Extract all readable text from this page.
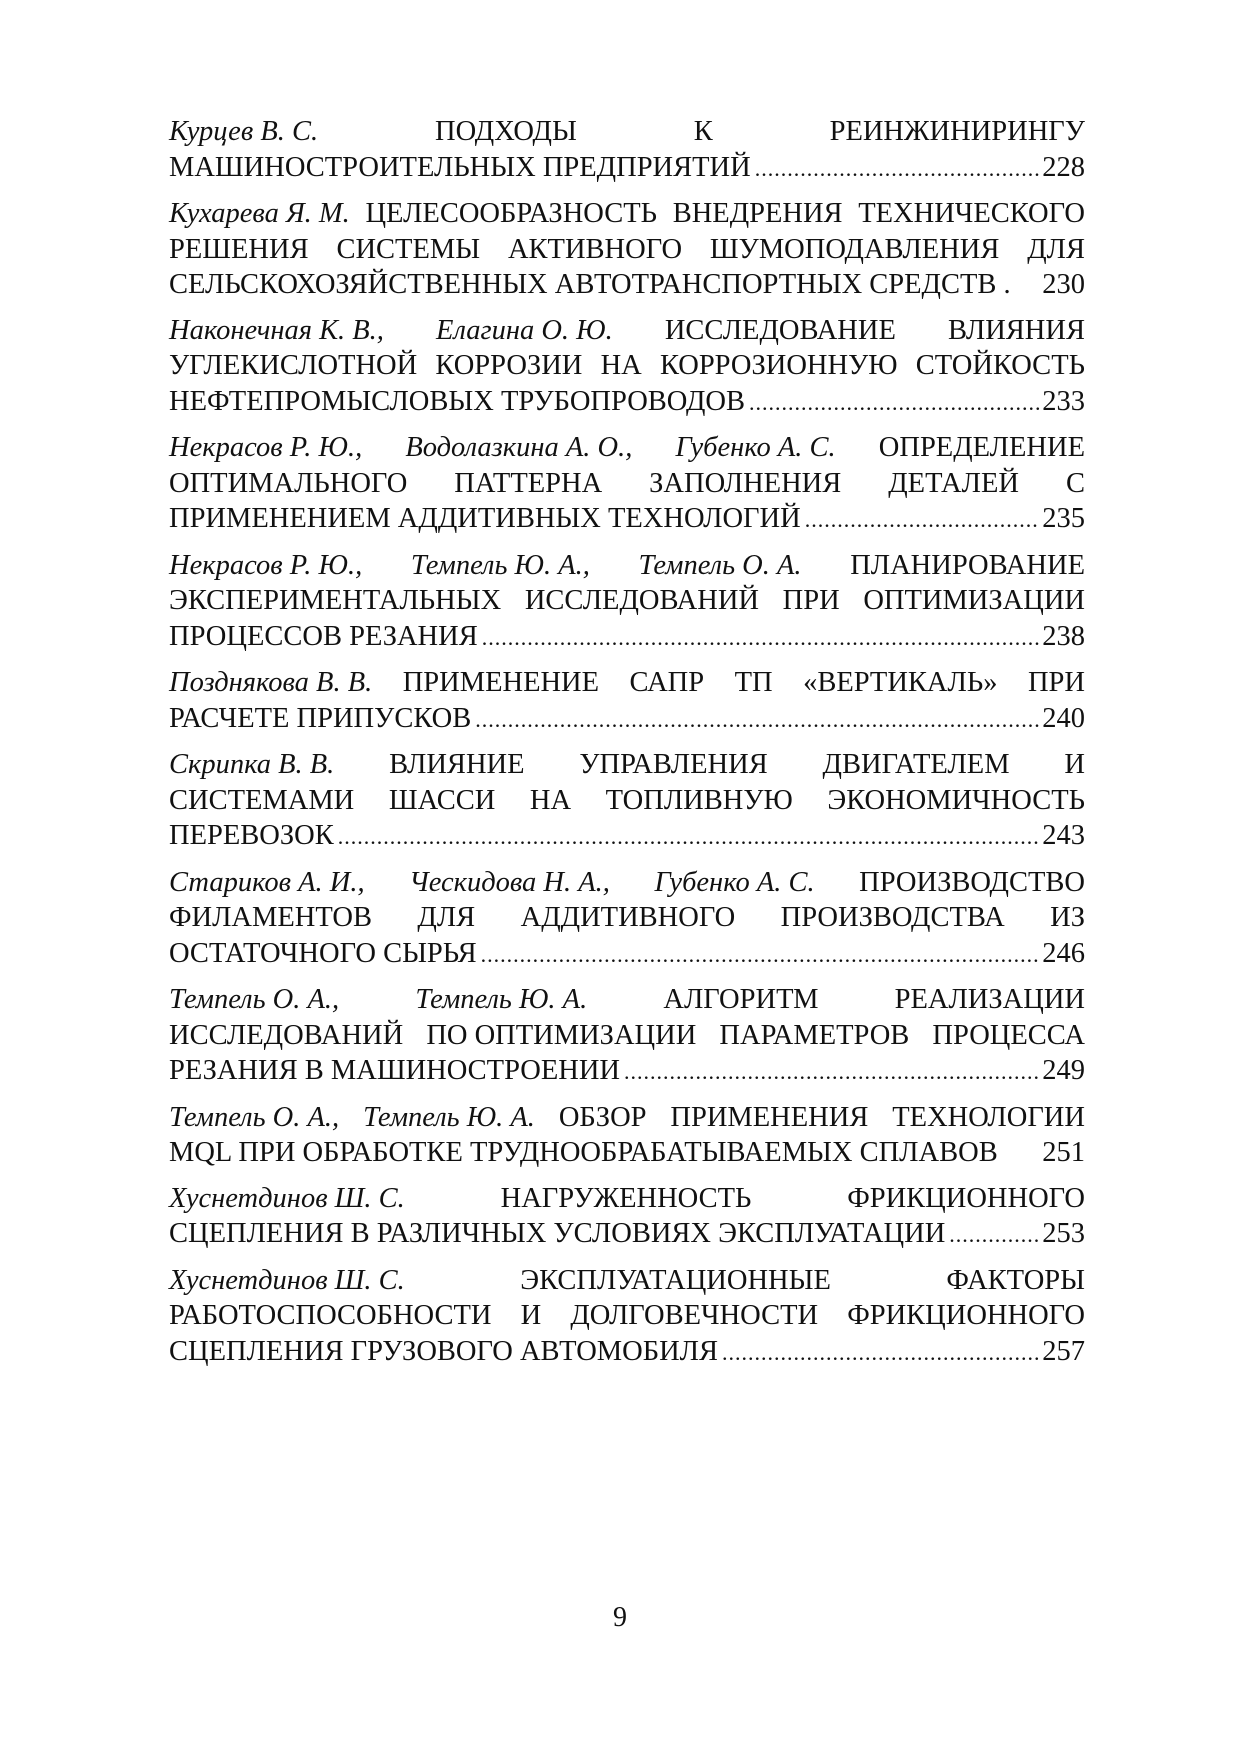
Курцев В. С.	ПОДХОДЫ	К	РЕИНЖИНИРИНГУ
МАШИНОСТРОИТЕЛЬНЫХ ПРЕДПРИЯТИЙ .....	228
Кухарева Я. М. ЦЕЛЕСООБРАЗНОСТЬ ВНЕДРЕНИЯ ТЕХНИЧЕСКОГО
РЕШЕНИЯ СИСТЕМЫ АКТИВНОГО ШУМОПОДАВЛЕНИЯ ДЛЯ
СЕЛЬСКОХОЗЯЙСТВЕННЫХ АВТОТРАНСПОРТНЫХ СРЕДСТВ . 230
Наконечная К. В., Елагина О. Ю. ИССЛЕДОВАНИЕ ВЛИЯНИЯ
УГЛЕКИСЛОТНОЙ КОРРОЗИИ НА КОРРОЗИОННУЮ СТОЙКОСТЬ
НЕФТЕПРОМЫСЛОВЫХ ТРУБОПРОВОДОВ .....	233
Некрасов Р. Ю., Водолазкина А. О., Губенко А. С. ОПРЕДЕЛЕНИЕ
ОПТИМАЛЬНОГО ПАТТЕРНА ЗАПОЛНЕНИЯ ДЕТАЛЕЙ С
ПРИМЕНЕНИЕМ АДДИТИВНЫХ ТЕХНОЛОГИЙ .....	235
Некрасов Р. Ю., Темпель Ю. А., Темпель О. А. ПЛАНИРОВАНИЕ
ЭКСПЕРИМЕНТАЛЬНЫХ ИССЛЕДОВАНИЙ ПРИ ОПТИМИЗАЦИИ
ПРОЦЕССОВ РЕЗАНИЯ .....	238
Позднякова В. В. ПРИМЕНЕНИЕ САПР ТП «ВЕРТИКАЛЬ» ПРИ
РАСЧЕТЕ ПРИПУСКОВ .....	240
Скрипка В. В. ВЛИЯНИЕ УПРАВЛЕНИЯ ДВИГАТЕЛЕМ И
СИСТЕМАМИ ШАССИ НА ТОПЛИВНУЮ ЭКОНОМИЧНОСТЬ
ПЕРЕВОЗОК .....	243
Стариков А. И., Ческидова Н. А., Губенко А. С. ПРОИЗВОДСТВО
ФИЛАМЕНТОВ ДЛЯ АДДИТИВНОГО ПРОИЗВОДСТВА ИЗ
ОСТАТОЧНОГО СЫРЬЯ .....	246
Темпель О. А.,	Темпель Ю. А.	АЛГОРИТМ	РЕАЛИЗАЦИИ
ИССЛЕДОВАНИЙ ПО ОПТИМИЗАЦИИ ПАРАМЕТРОВ ПРОЦЕССА
РЕЗАНИЯ В МАШИНОСТРОЕНИИ .....	249
Темпель О. А., Темпель Ю. А. ОБЗОР ПРИМЕНЕНИЯ ТЕХНОЛОГИИ
MQL ПРИ ОБРАБОТКЕ ТРУДНООБРАБАТЫВАЕМЫХ СПЛАВОВ 251
Хуснетдинов Ш. С.	НАГРУЖЕННОСТЬ	ФРИКЦИОННОГО
СЦЕПЛЕНИЯ В РАЗЛИЧНЫХ УСЛОВИЯХ ЭКСПЛУАТАЦИИ .....	253
Хуснетдинов Ш. С.	ЭКСПЛУАТАЦИОННЫЕ	ФАКТОРЫ
РАБОТОСПОСОБНОСТИ И ДОЛГОВЕЧНОСТИ ФРИКЦИОННОГО
СЦЕПЛЕНИЯ ГРУЗОВОГО АВТОМОБИЛЯ .....	257
9
